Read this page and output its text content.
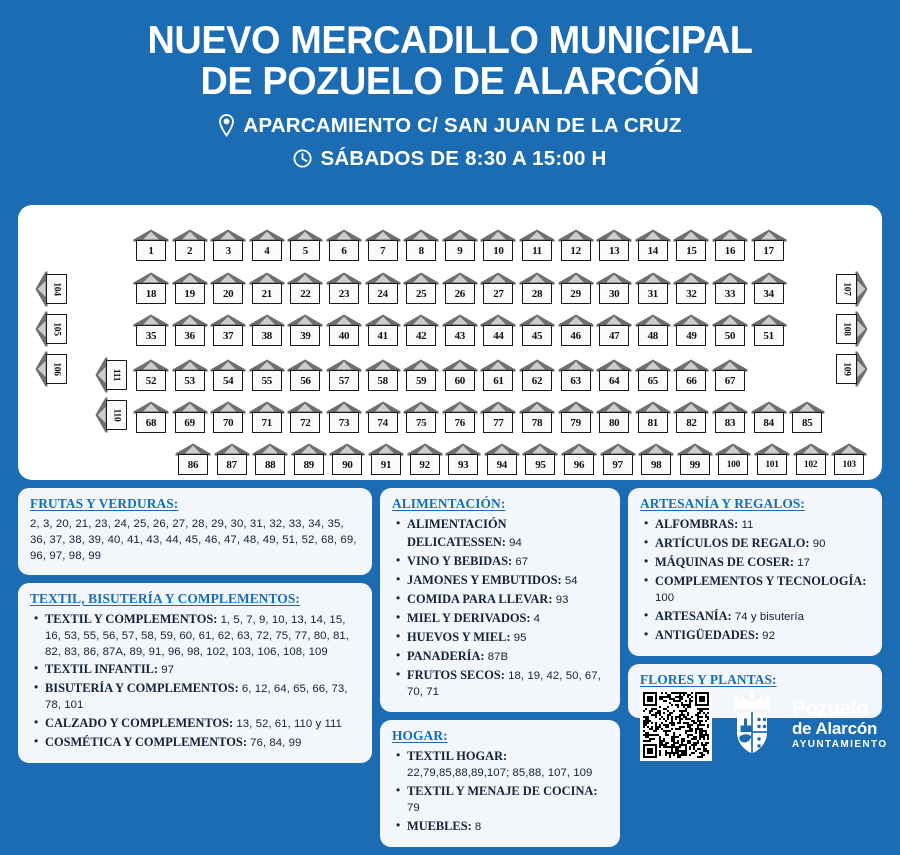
NUEVO MERCADILLO MUNICIPAL
DE POZUELO DE ALARCÓN
APARCAMIENTO C/ SAN JUAN DE LA CRUZ
SÁBADOS DE 8:30 A 15:00 H
1	2	3	4	5	6	7	8	9	10	11	12	13	14	15	16	17
18	19	20	21	22	23	24	25	26	27	28	29	30	31	32	33	34
35	36	37	38	39	40	41	42	43	44	45	46	47	48	49	50	51
52	53	54	55	56	57	58	59	60	61	62	63	64	65	66	67
68	69	70	71	72	73	74	75	76	77	78	79	80	81	82	83	84	85
86	87	88	89	90	91	92	93	94	95	96	97	98	99	100	101	102	103
104
105
106	111
110
107
108
109
FRUTAS Y VERDURAS:
2, 3, 20, 21, 23, 24, 25, 26, 27, 28, 29, 30, 31, 32, 33, 34, 35, 36, 37, 38, 39, 40, 41, 43, 44, 45, 46, 47, 48, 49, 51, 52, 68, 69, 96, 97, 98, 99
TEXTIL, BISUTERÍA Y COMPLEMENTOS:
• TEXTIL Y COMPLEMENTOS: 1, 5, 7, 9, 10, 13, 14, 15, 16, 53, 55, 56, 57, 58, 59, 60, 61, 62, 63, 72, 75, 77, 80, 81, 82, 83, 86, 87A, 89, 91, 96, 98, 102, 103, 106, 108, 109
• TEXTIL INFANTIL: 97
• BISUTERÍA Y COMPLEMENTOS: 6, 12, 64, 65, 66, 73, 78, 101
• CALZADO Y COMPLEMENTOS: 13, 52, 61, 110 y 111
• COSMÉTICA Y COMPLEMENTOS: 76, 84, 99
ALIMENTACIÓN:
• ALIMENTACIÓN DELICATESSEN: 94
• VINO Y BEBIDAS: 67
• JAMONES Y EMBUTIDOS: 54
• COMIDA PARA LLEVAR: 93
• MIEL Y DERIVADOS: 4
• HUEVOS Y MIEL: 95
• PANADERÍA: 87B
• FRUTOS SECOS: 18, 19, 42, 50, 67, 70, 71
HOGAR:
• TEXTIL HOGAR: 22,79,85,88,89,107; 85,88, 107, 109
• TEXTIL Y MENAJE DE COCINA: 79
• MUEBLES: 8
ARTESANÍA Y REGALOS:
• ALFOMBRAS: 11
• ARTÍCULOS DE REGALO: 90
• MÁQUINAS DE COSER: 17
• COMPLEMENTOS Y TECNOLOGÍA: 100
• ARTESANÍA: 74 y bisutería
• ANTIGÜEDADES: 92
FLORES Y PLANTAS:
Pozuelo
de Alarcón
AYUNTAMIENTO
